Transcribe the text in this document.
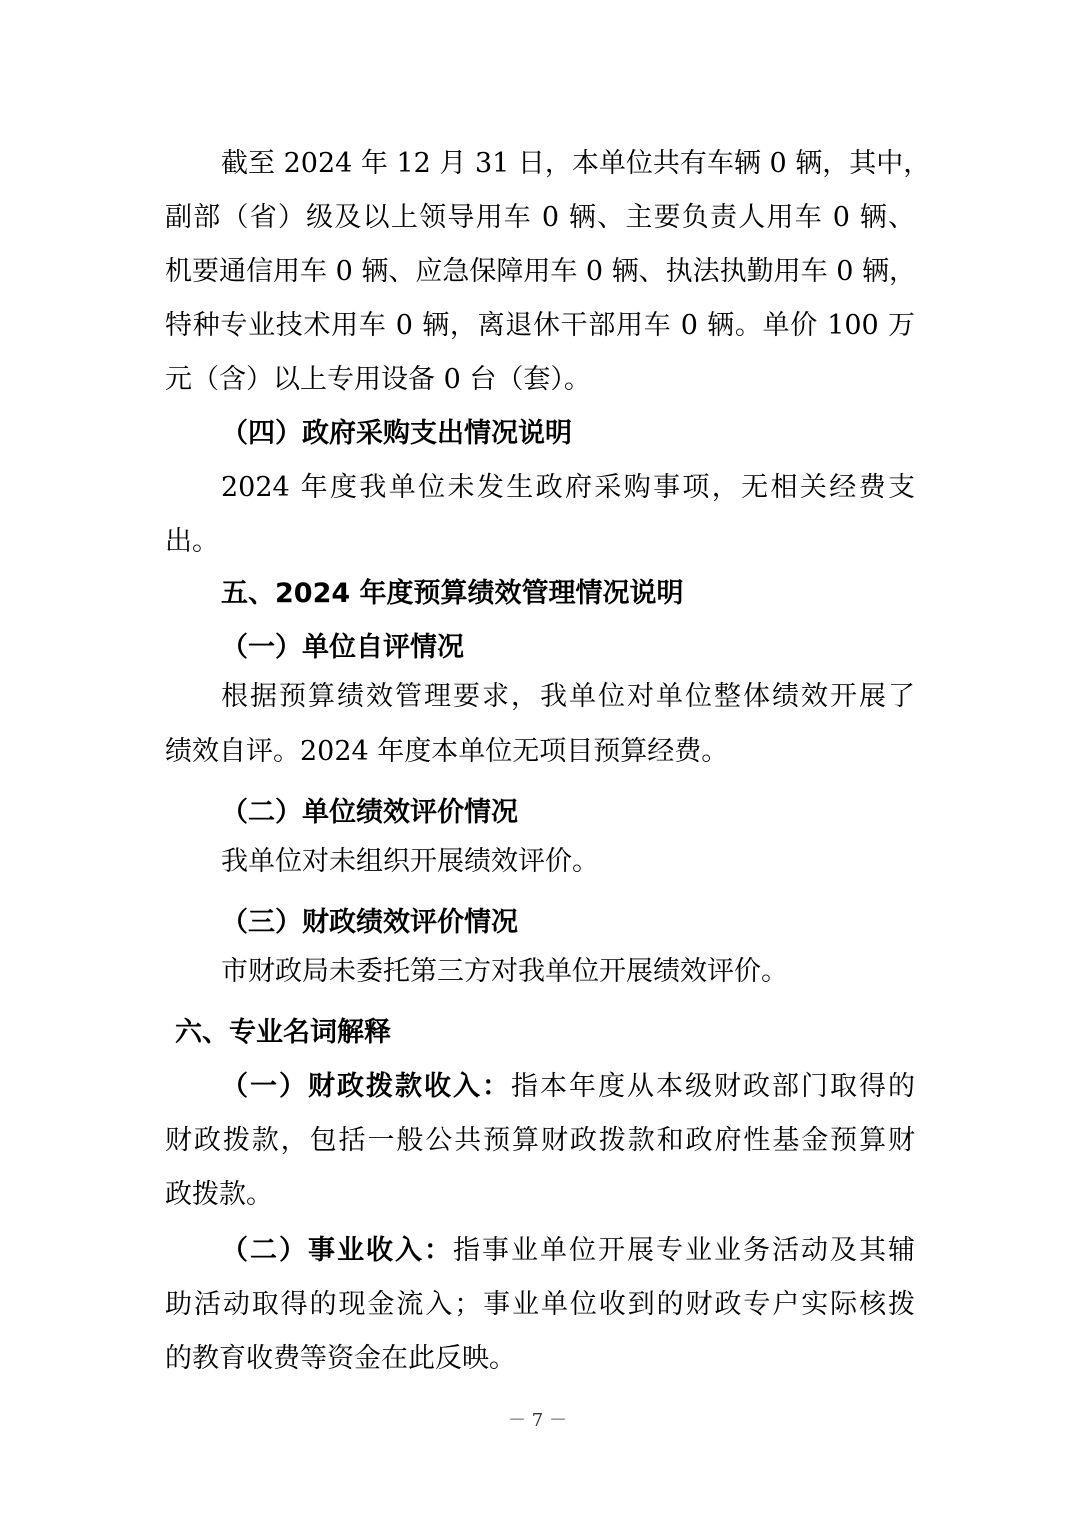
截至 2024 年 12 月 31 日，本单位共有车辆 0 辆，其中，
副部（省）级及以上领导用车 0 辆、主要负责人用车 0 辆、
机要通信用车 0 辆、应急保障用车 0 辆、执法执勤用车 0 辆，
特种专业技术用车 0 辆，离退休干部用车 0 辆。单价 100 万
元（含）以上专用设备 0 台（套）。
（四）政府采购支出情况说明
2024 年度我单位未发生政府采购事项，无相关经费支
出。
五、2024 年度预算绩效管理情况说明
（一）单位自评情况
根据预算绩效管理要求，我单位对单位整体绩效开展了
绩效自评。2024 年度本单位无项目预算经费。
（二）单位绩效评价情况
我单位对未组织开展绩效评价。
（三）财政绩效评价情况
市财政局未委托第三方对我单位开展绩效评价。
六、专业名词解释
（一）财政拨款收入：指本年度从本级财政部门取得的
财政拨款，包括一般公共预算财政拨款和政府性基金预算财
政拨款。
（二）事业收入：指事业单位开展专业业务活动及其辅
助活动取得的现金流入；事业单位收到的财政专户实际核拨
的教育收费等资金在此反映。
－ 7 －
